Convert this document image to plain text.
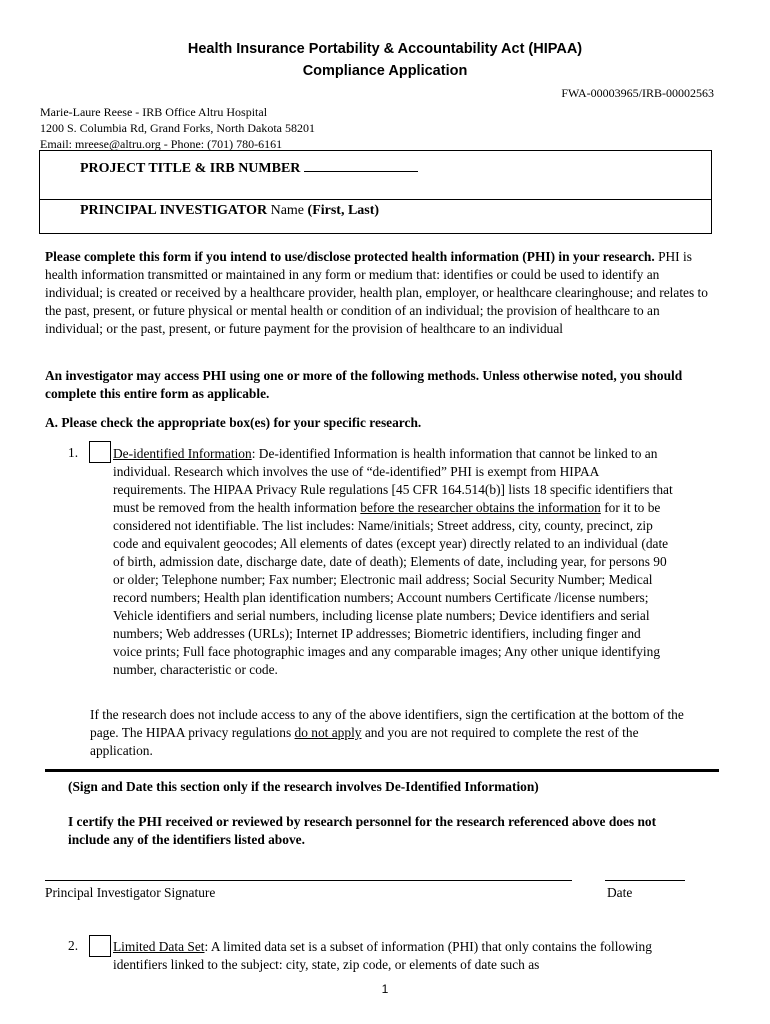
Health Insurance Portability & Accountability Act (HIPAA)
Compliance Application
FWA-00003965/IRB-00002563
Marie-Laure Reese - IRB Office Altru Hospital
1200 S. Columbia Rd, Grand Forks, North Dakota 58201
Email: mreese@altru.org - Phone: (701) 780-6161
PROJECT TITLE & IRB NUMBER
PRINCIPAL INVESTIGATOR Name (First, Last)
Please complete this form if you intend to use/disclose protected health information (PHI) in your research. PHI is health information transmitted or maintained in any form or medium that: identifies or could be used to identify an individual; is created or received by a healthcare provider, health plan, employer, or healthcare clearinghouse; and relates to the past, present, or future physical or mental health or condition of an individual; the provision of healthcare to an individual; or the past, present, or future payment for the provision of healthcare to an individual
An investigator may access PHI using one or more of the following methods. Unless otherwise noted, you should complete this entire form as applicable.
A. Please check the appropriate box(es) for your specific research.
1.	De-identified Information: De-identified Information is health information that cannot be linked to an individual. Research which involves the use of “de-identified” PHI is exempt from HIPAA requirements. The HIPAA Privacy Rule regulations [45 CFR 164.514(b)] lists 18 specific identifiers that must be removed from the health information before the researcher obtains the information for it to be considered not identifiable. The list includes: Name/initials; Street address, city, county, precinct, zip code and equivalent geocodes; All elements of dates (except year) directly related to an individual (date of birth, admission date, discharge date, date of death); Elements of date, including year, for persons 90 or older; Telephone number; Fax number; Electronic mail address; Social Security Number; Medical record numbers; Health plan identification numbers; Account numbers Certificate /license numbers; Vehicle identifiers and serial numbers, including license plate numbers; Device identifiers and serial numbers; Web addresses (URLs); Internet IP addresses; Biometric identifiers, including finger and voice prints; Full face photographic images and any comparable images; Any other unique identifying number, characteristic or code.
If the research does not include access to any of the above identifiers, sign the certification at the bottom of the page. The HIPAA privacy regulations do not apply and you are not required to complete the rest of the application.
(Sign and Date this section only if the research involves De-Identified Information)
I certify the PHI received or reviewed by research personnel for the research referenced above does not include any of the identifiers listed above.
Principal Investigator Signature	Date
2.	Limited Data Set: A limited data set is a subset of information (PHI) that only contains the following identifiers linked to the subject: city, state, zip code, or elements of date such as
1
